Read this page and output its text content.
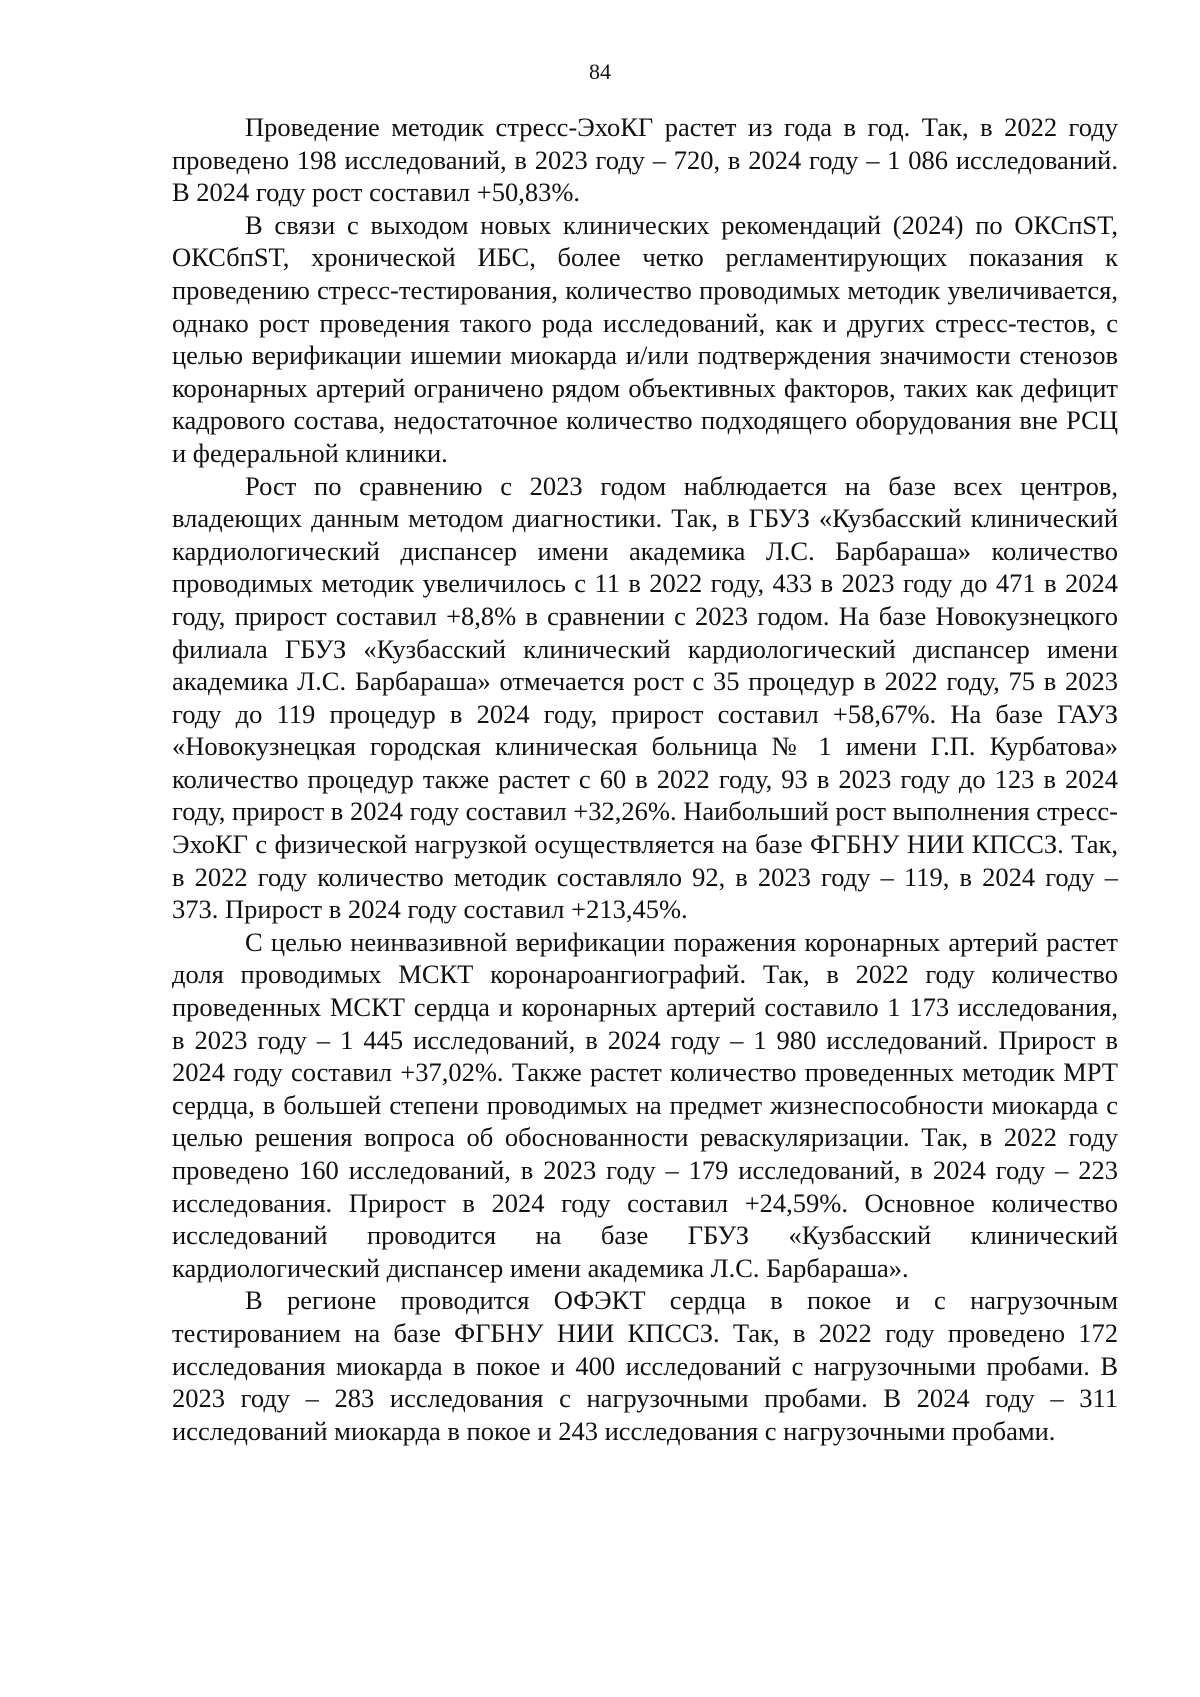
84

Проведение методик стресс-ЭхоКГ растет из года в год. Так, в 2022 году проведено 198 исследований, в 2023 году – 720, в 2024 году – 1 086 исследований. В 2024 году рост составил +50,83%.

В связи с выходом новых клинических рекомендаций (2024) по ОКСпST, ОКСбпST, хронической ИБС, более четко регламентирующих показания к проведению стресс-тестирования, количество проводимых методик увеличивается, однако рост проведения такого рода исследований, как и других стресс-тестов, с целью верификации ишемии миокарда и/или подтверждения значимости стенозов коронарных артерий ограничено рядом объективных факторов, таких как дефицит кадрового состава, недостаточное количество подходящего оборудования вне РСЦ и федеральной клиники.

Рост по сравнению с 2023 годом наблюдается на базе всех центров, владеющих данным методом диагностики. Так, в ГБУЗ «Кузбасский клинический кардиологический диспансер имени академика Л.С. Барбараша» количество проводимых методик увеличилось с 11 в 2022 году, 433 в 2023 году до 471 в 2024 году, прирост составил +8,8% в сравнении с 2023 годом. На базе Новокузнецкого филиала ГБУЗ «Кузбасский клинический кардиологический диспансер имени академика Л.С. Барбараша» отмечается рост с 35 процедур в 2022 году, 75 в 2023 году до 119 процедур в 2024 году, прирост составил +58,67%. На базе ГАУЗ «Новокузнецкая городская клиническая больница № 1 имени Г.П. Курбатова» количество процедур также растет с 60 в 2022 году, 93 в 2023 году до 123 в 2024 году, прирост в 2024 году составил +32,26%. Наибольший рост выполнения стресс-ЭхоКГ с физической нагрузкой осуществляется на базе ФГБНУ НИИ КПССЗ. Так, в 2022 году количество методик составляло 92, в 2023 году – 119, в 2024 году – 373. Прирост в 2024 году составил +213,45%.

С целью неинвазивной верификации поражения коронарных артерий растет доля проводимых МСКТ коронароангиографий. Так, в 2022 году количество проведенных МСКТ сердца и коронарных артерий составило 1 173 исследования, в 2023 году – 1 445 исследований, в 2024 году – 1 980 исследований. Прирост в 2024 году составил +37,02%. Также растет количество проведенных методик МРТ сердца, в большей степени проводимых на предмет жизнеспособности миокарда с целью решения вопроса об обоснованности реваскуляризации. Так, в 2022 году проведено 160 исследований, в 2023 году – 179 исследований, в 2024 году – 223 исследования. Прирост в 2024 году составил +24,59%. Основное количество исследований проводится на базе ГБУЗ «Кузбасский клинический кардиологический диспансер имени академика Л.С. Барбараша».

В регионе проводится ОФЭКТ сердца в покое и с нагрузочным тестированием на базе ФГБНУ НИИ КПССЗ. Так, в 2022 году проведено 172 исследования миокарда в покое и 400 исследований с нагрузочными пробами. В 2023 году – 283 исследования с нагрузочными пробами. В 2024 году – 311 исследований миокарда в покое и 243 исследования с нагрузочными пробами.
